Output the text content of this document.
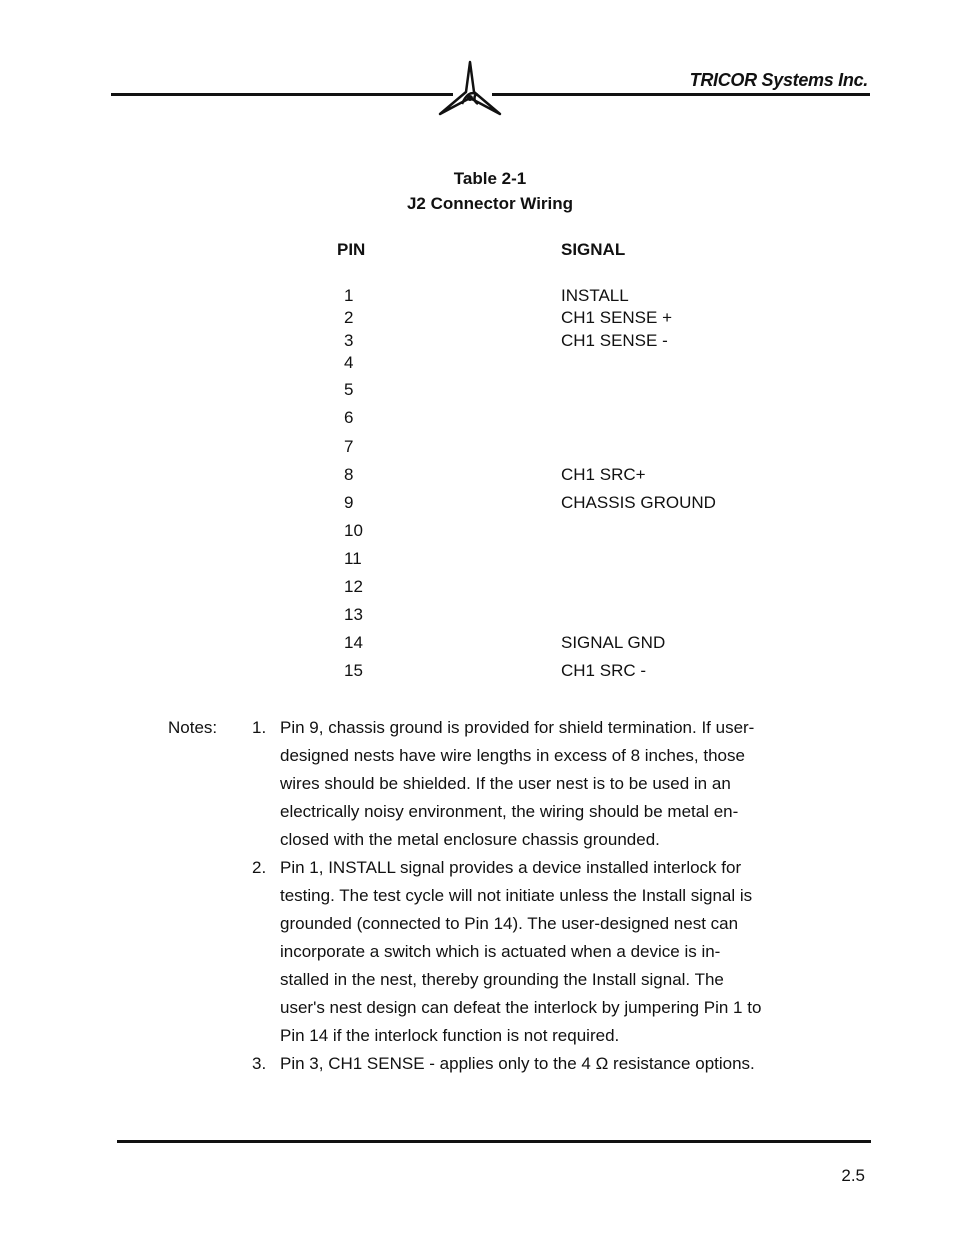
TRICOR Systems Inc.
Table 2-1
J2 Connector Wiring
PIN	SIGNAL
1	INSTALL
2	CH1 SENSE +
3	CH1 SENSE -
4
5
6
7
8	CH1 SRC+
9	CHASSIS GROUND
10
11
12
13
14	SIGNAL GND
15	CH1 SRC -
Notes: 1. Pin 9, chassis ground is provided for shield termination. If user-
designed nests have wire lengths in excess of 8 inches, those
wires should be shielded. If the user nest is to be used in an
electrically noisy environment, the wiring should be metal en-
closed with the metal enclosure chassis grounded.
2. Pin 1, INSTALL signal provides a device installed interlock for
testing. The test cycle will not initiate unless the Install signal is
grounded (connected to Pin 14). The user-designed nest can
incorporate a switch which is actuated when a device is in-
stalled in the nest, thereby grounding the Install signal. The
user's nest design can defeat the interlock by jumpering Pin 1 to
Pin 14 if the interlock function is not required.
3. Pin 3, CH1 SENSE - applies only to the 4 Ω resistance options.
2.5
